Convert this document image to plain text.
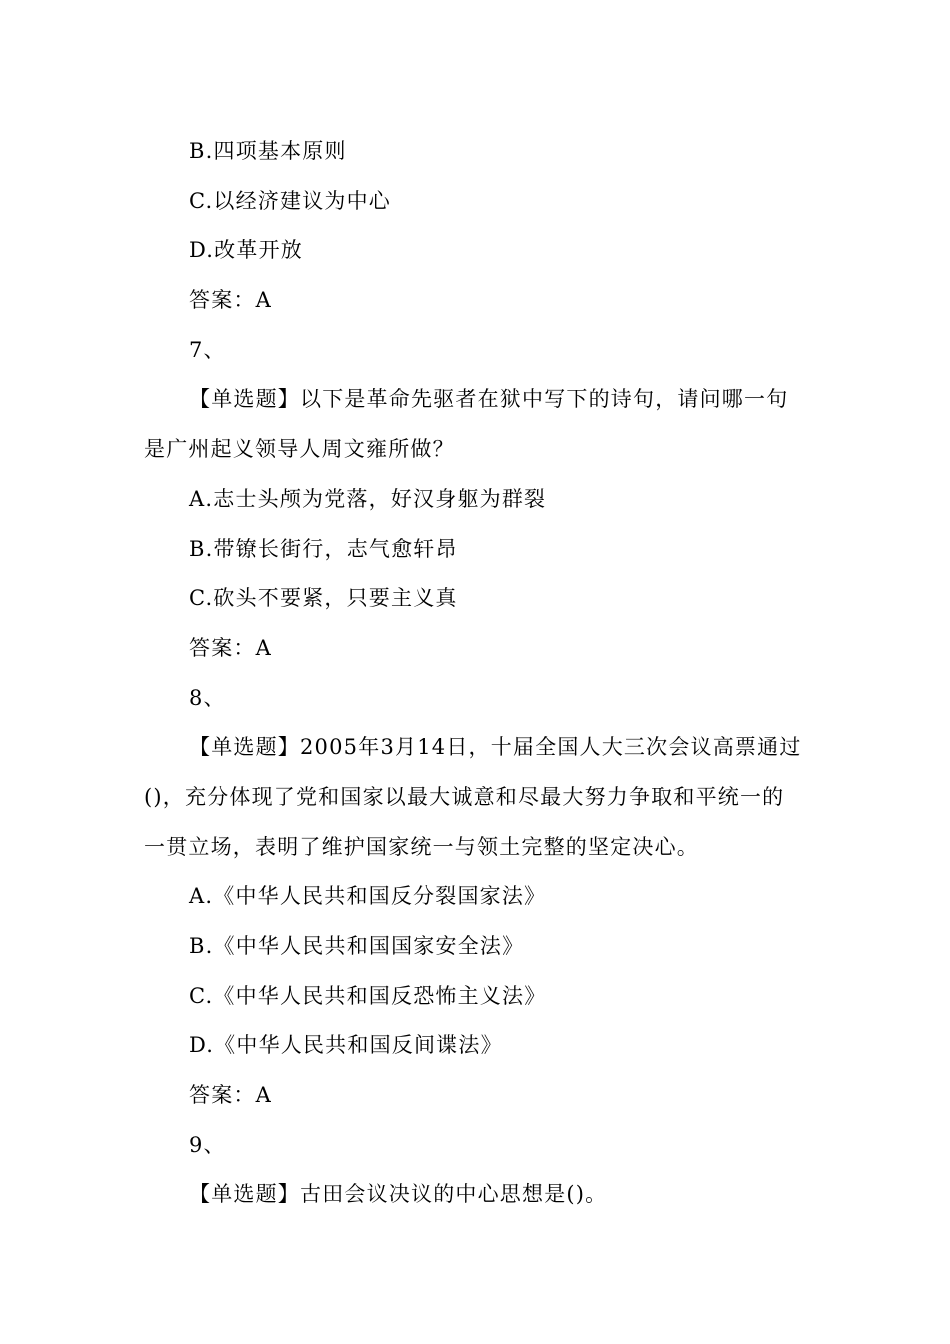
B.四项基本原则
C.以经济建议为中心
D.改革开放
答案：A
7、
【单选题】以下是革命先驱者在狱中写下的诗句，请问哪一句
是广州起义领导人周文雍所做？
A.志士头颅为党落，好汉身躯为群裂
B.带镣长街行，志气愈轩昂
C.砍头不要紧，只要主义真
答案：A
8、
【单选题】2005年3月14日，十届全国人大三次会议高票通过
()，充分体现了党和国家以最大诚意和尽最大努力争取和平统一的
一贯立场，表明了维护国家统一与领土完整的坚定决心。
A.《中华人民共和国反分裂国家法》
B.《中华人民共和国国家安全法》
C.《中华人民共和国反恐怖主义法》
D.《中华人民共和国反间谍法》
答案：A
9、
【单选题】古田会议决议的中心思想是()。
